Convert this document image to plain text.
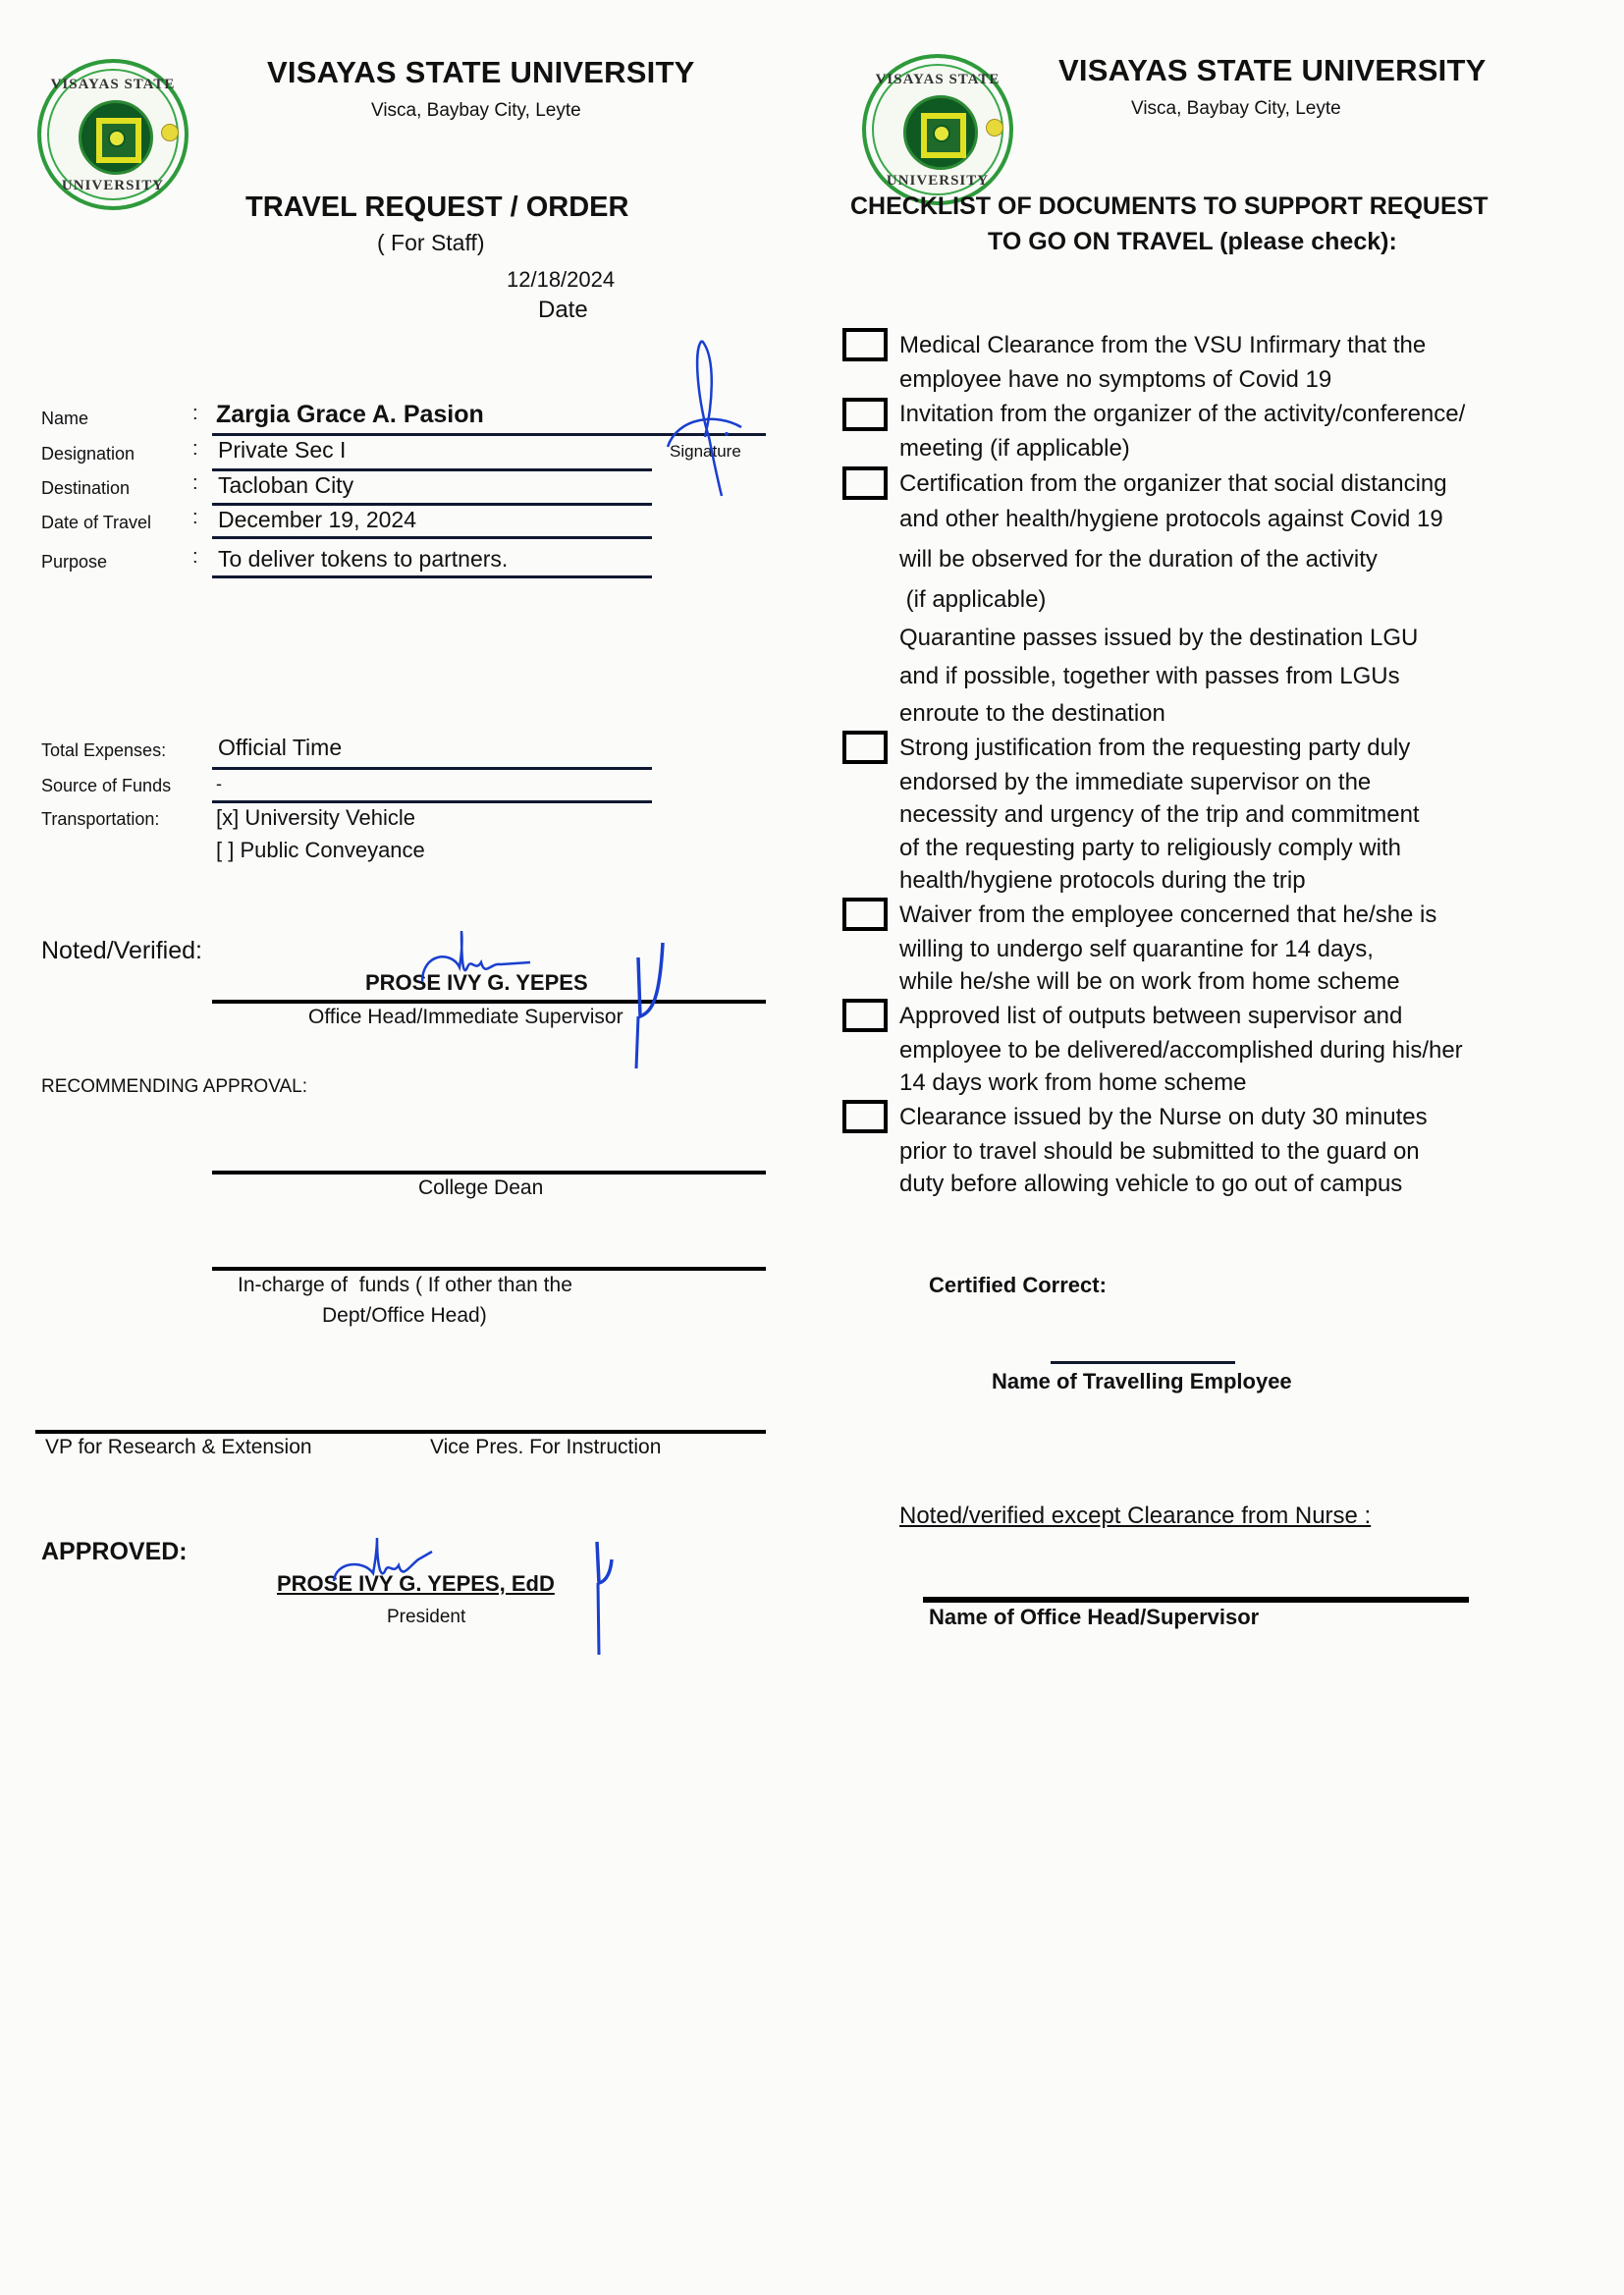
VISAYAS STATE
UNIVERSITY
VISAYAS STATE UNIVERSITY
Visca, Baybay City, Leyte
TRAVEL REQUEST / ORDER
( For Staff)
12/18/2024
Date
Name	: Zargia Grace A. Pasion
Signature
Designation	: Private Sec I
Destination	: Tacloban City
Date of Travel : December 19, 2024
Purpose	: To deliver tokens to partners.
Total Expenses: Official Time
Source of Funds	-
Transportation:	[x] University Vehicle
[ ] Public Conveyance
Noted/Verified:
PROSE IVY G. YEPES
Office Head/Immediate Supervisor
RECOMMENDING APPROVAL:
College Dean
In-charge of  funds ( If other than the
Dept/Office Head)
VP for Research & Extension	Vice Pres. For Instruction
APPROVED:
PROSE IVY G. YEPES, EdD
President
VISAYAS STATE
UNIVERSITY
VISAYAS STATE UNIVERSITY
Visca, Baybay City, Leyte
CHECKLIST OF DOCUMENTS TO SUPPORT REQUEST
TO GO ON TRAVEL (please check):
Medical Clearance from the VSU Infirmary that the
employee have no symptoms of Covid 19
Invitation from the organizer of the activity/conference/
meeting (if applicable)
Certification from the organizer that social distancing
and other health/hygiene protocols against Covid 19
will be observed for the duration of the activity
(if applicable)
Quarantine passes issued by the destination LGU
and if possible, together with passes from LGUs
enroute to the destination
Strong justification from the requesting party duly
endorsed by the immediate supervisor on the
necessity and urgency of the trip and commitment
of the requesting party to religiously comply with
health/hygiene protocols during the trip
Waiver from the employee concerned that he/she is
willing to undergo self quarantine for 14 days,
while he/she will be on work from home scheme
Approved list of outputs between supervisor and
employee to be delivered/accomplished during his/her
14 days work from home scheme
Clearance issued by the Nurse on duty 30 minutes
prior to travel should be submitted to the guard on
duty before allowing vehicle to go out of campus
Certified Correct:
Name of Travelling Employee
Noted/verified except Clearance from Nurse :
Name of Office Head/Supervisor
